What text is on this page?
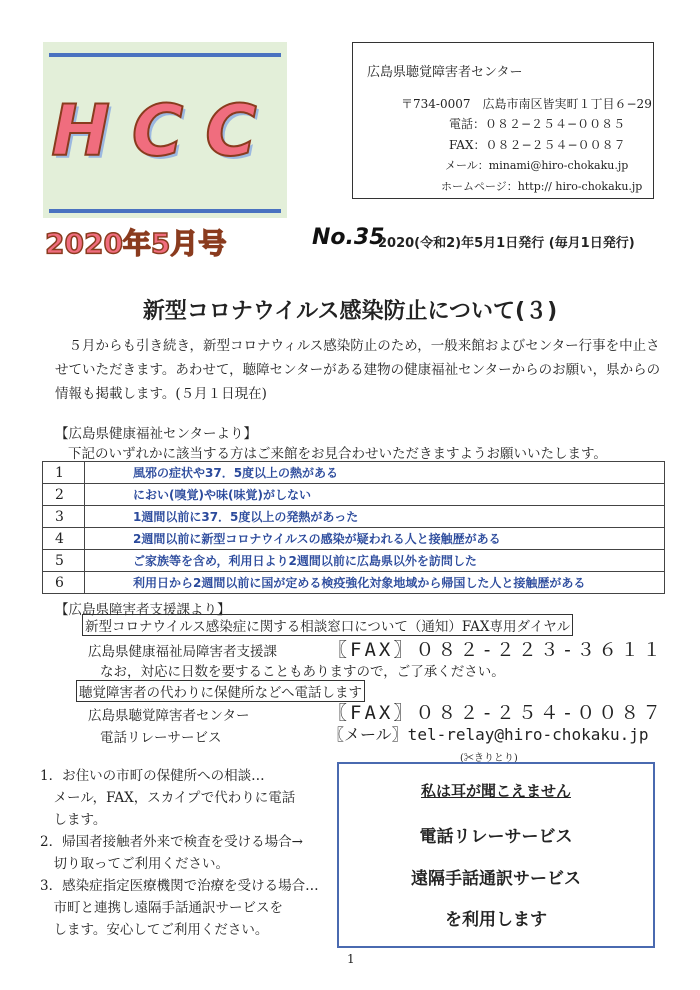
HCC
2020年5月号
広島県聴覚障害者センター
〒734-0007　広島市南区皆実町１丁目６−29
電話：０８２−２５４−００８５
FAX：０８２−２５４−００８７
メール：minami@hiro-chokaku.jp
ホームページ：http:// hiro-chokaku.jp
No.35
2020(令和2)年5月1日発行 (毎月1日発行)
新型コロナウイルス感染防止について(３)
５月からも引き続き，新型コロナウィルス感染防止のため，一般来館およびセンター行事を中止させていただきます。あわせて，聴障センターがある建物の健康福祉センターからのお願い，県からの情報も掲載します。(５月１日現在)
【広島県健康福祉センターより】
下記のいずれかに該当する方はご来館をお見合わせいただきますようお願いいたします。
1	風邪の症状や37．5度以上の熱がある
2	におい(嗅覚)や味(味覚)がしない
3	1週間以前に37．5度以上の発熱があった
4	2週間以前に新型コロナウイルスの感染が疑われる人と接触歴がある
5	ご家族等を含め，利用日より2週間以前に広島県以外を訪問した
6	利用日から2週間以前に国が定める検疫強化対象地域から帰国した人と接触歴がある
【広島県障害者支援課より】
新型コロナウイルス感染症に関する相談窓口について（通知）FAX専用ダイヤル
広島県健康福祉局障害者支援課	〖FAX〗０８２-２２３-３６１１
なお，対応に日数を要することもありますので，ご了承ください。
聴覚障害者の代わりに保健所などへ電話します
広島県聴覚障害者センター	〖FAX〗０８２-２５４-００８７
電話リレーサービス	〖メール〗tel-relay@hiro-chokaku.jp
1．お住いの市町の保健所への相談…
　メール，FAX，スカイプで代わりに電話
　します。
2．帰国者接触者外来で検査を受ける場合→
　切り取ってご利用ください。
3．感染症指定医療機関で治療を受ける場合…
　市町と連携し遠隔手話通訳サービスを
　します。安心してご利用ください。
(✂きりとり)
私は耳が聞こえません
電話リレーサービス
遠隔手話通訳サービス
を利用します
1
